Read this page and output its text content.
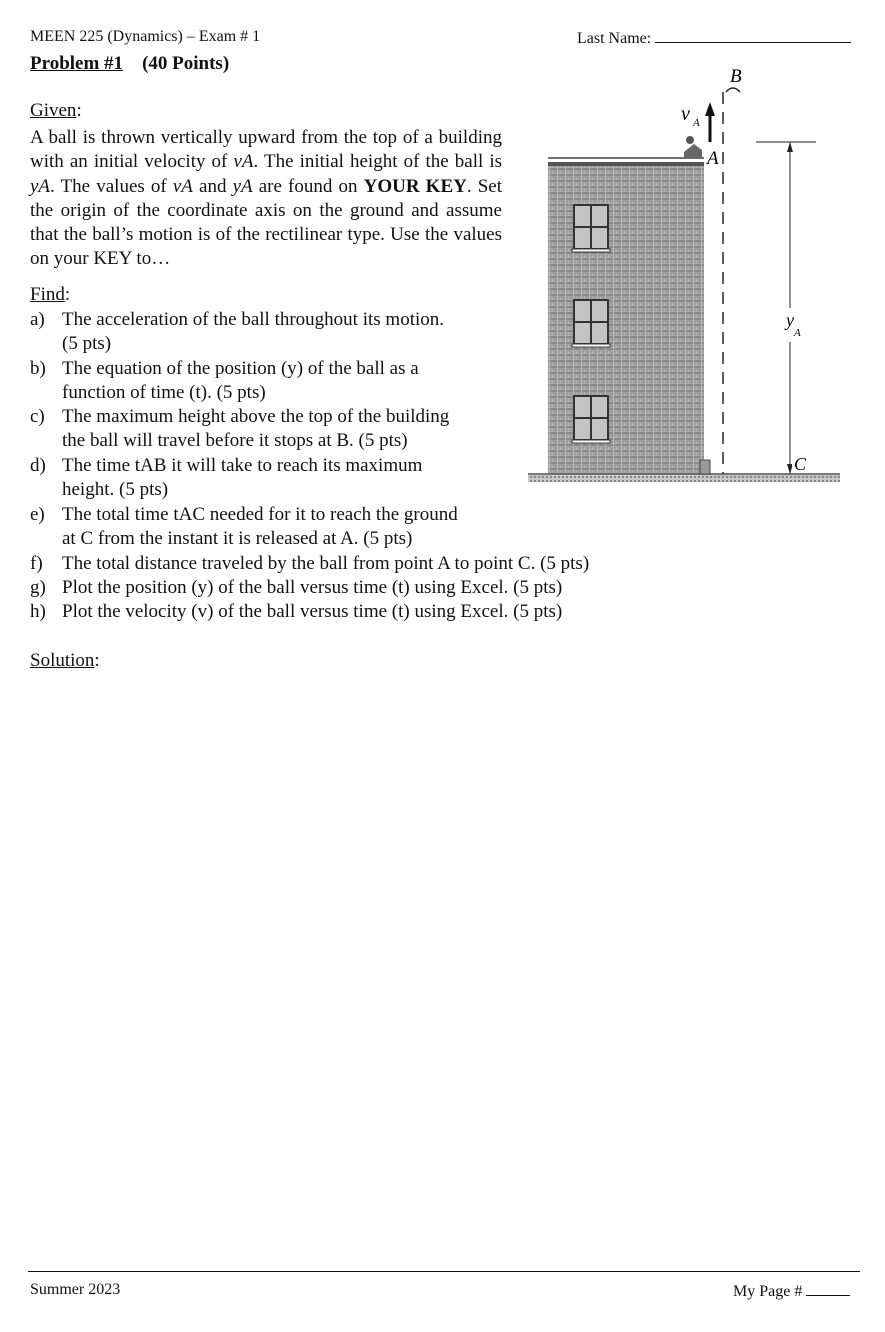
MEEN 225 (Dynamics) – Exam # 1	Last Name:
Problem #1 (40 Points)
Given:
A ball is thrown vertically upward from the top of a building with an initial velocity of vA. The initial height of the ball is yA. The values of vA and yA are found on YOUR KEY. Set the origin of the coordinate axis on the ground and assume that the ball’s motion is of the rectilinear type. Use the values on your KEY to…
Find:
a) The acceleration of the ball throughout its motion.
(5 pts)
b) The equation of the position (y) of the ball as a
function of time (t). (5 pts)
c) The maximum height above the top of the building
the ball will travel before it stops at B. (5 pts)
d) The time tAB it will take to reach its maximum
height. (5 pts)
e) The total time tAC needed for it to reach the ground
at C from the instant it is released at A. (5 pts)
f) The total distance traveled by the ball from point A to point C. (5 pts)
g) Plot the position (y) of the ball versus time (t) using Excel. (5 pts)
h) Plot the velocity (v) of the ball versus time (t) using Excel. (5 pts)
Solution:
B
v A
A
y
A
C
Summer 2023	My Page #
